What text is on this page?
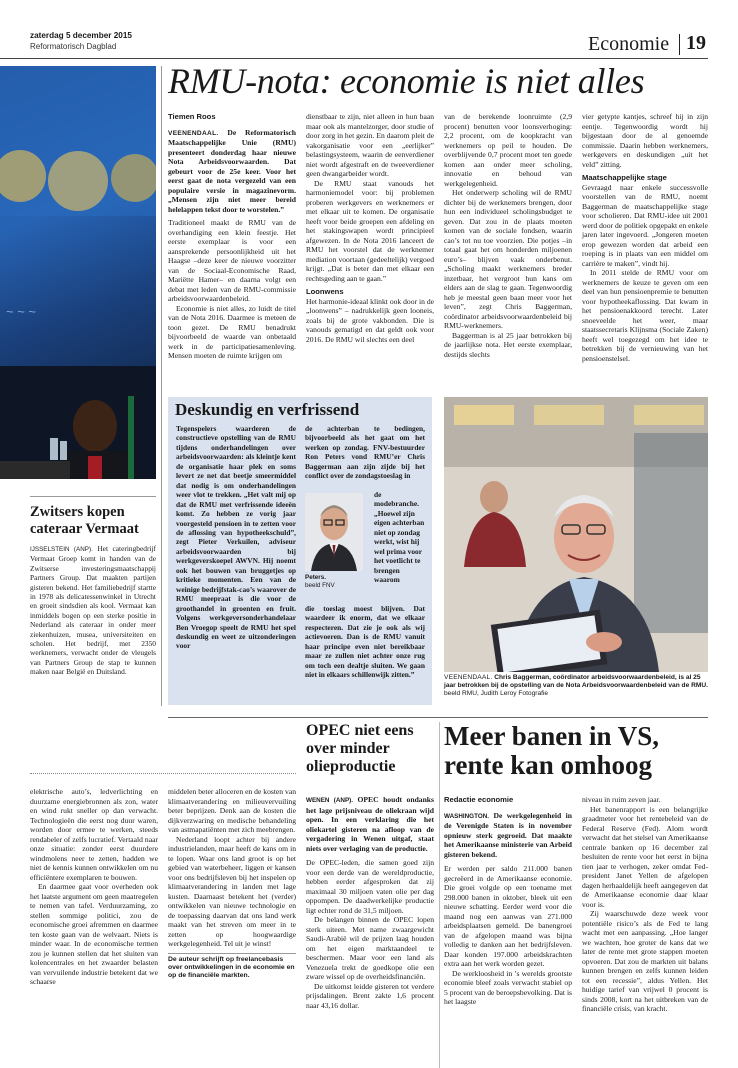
zaterdag 5 december 2015
Reformatorisch Dagblad	Economie 19
~ ~ ~
RMU-nota: economie is niet alles
Tiemen Roos

VEENENDAAL. De Reformatorisch Maatschappelijke Unie (RMU) presenteert donderdag haar nieuwe Nota Arbeidsvoorwaarden. Dat gebeurt voor de 25e keer. Voor het eerst gaat de nota vergezeld van een populaire versie in magazinevorm. „Mensen zijn niet meer bereid helelappen tekst door te worstelen.”

Traditioneel maakt de RMU van de overhandiging een klein feestje. Het eerste exemplaar is voor een aansprekende persoonlijkheid uit het Haagse –deze keer de nieuwe voorzitter van de Sociaal-Economische Raad, Mariëtte Hamer– en daarna volgt een debat met leden van de RMU-commissie arbeidsvoorwaardenbeleid.

Economie is niet alles, zo luidt de titel van de Nota 2016. Daarmee is meteen de toon gezet. De RMU benadrukt bijvoorbeeld de waarde van onbetaald werk in de participatiesamenleving. Mensen moeten de ruimte krijgen om

dienstbaar te zijn, niet alleen in hun baan maar ook als mantelzorger, door studie of door zorg in het gezin. En daarom pleit de vakorganisatie voor een „eerlijker” belastingsysteem, waarin de eenverdiener niet wordt afgestraft en de tweeverdiener geen dwangarbeider wordt.

De RMU staat vanouds het harmoniemodel voor: bij problemen proberen werkgevers en werknemers er met elkaar uit te komen. De organisatie heeft voor beide groepen een afdeling en het stakingswapen wordt principieel afgewezen. In de Nota 2016 lanceert de RMU het voorstel dat de werknemer mediation voortaan (gedeeltelijk) vergoed krijgt. „Dat is beter dan met elkaar een rechtsgeding aan te gaan.”

Loonwens

Het harmonie-ideaal klinkt ook door in de „loonwens” – nadrukkelijk geen looneis, zoals bij de grote vakbonden. Die is vanouds gematigd en dat geldt ook voor 2016. De RMU wil slechts een deel

van de berekende loonruimte (2,9 procent) benutten voor loonsverhoging: 2,2 procent, om de koopkracht van werknemers op peil te houden. De overblijvende 0,7 procent moet ten goede komen aan onder meer scholing, innovatie en behoud van werkgelegenheid.

Het onderwerp scholing wil de RMU dichter bij de werknemers brengen, door hun een individueel scholingsbudget te geven. Dat zou in de plaats moeten komen van de sociale fondsen, waarin cao’s tot nu toe voorzien. Die potjes –in totaal gaat het om honderden miljoenen euro’s– blijven vaak onderbenut. „Scholing maakt werknemers breder inzetbaar, het vergroot hun kans om elders aan de slag te gaan. Tegenwoordig heb je meestal geen baan meer voor het leven”, zegt Chris Baggerman, coördinator arbeidsvoorwaardenbeleid bij RMU-werknemers.

Baggerman is al 25 jaar betrokken bij de jaarlijkse nota. Het eerste exemplaar, destijds slechts

vier getypte kantjes, schreef hij in zijn eentje. Tegenwoordig wordt hij bijgestaan door de al genoemde commissie. Daarin hebben werknemers, werkgevers en deskundigen „uit het veld” zitting.

Maatschappelijke stage

Gevraagd naar enkele successvolle voorstellen van de RMU, noemt Baggerman de maatschappelijke stage voor scholieren. Dat RMU-idee uit 2001 werd door de politiek opgepakt en enkele jaren later ingevoerd. „Jongeren moeten erop gewezen worden dat arbeid een roeping is in plaats van een middel om carrière te maken”, vindt hij.

In 2011 stelde de RMU voor om werknemers de keuze te geven om een deel van hun pensioenpremie te benutten voor hypotheekaflossing. Dat kwam in het pensioenakkoord terecht. Later snoeveelde het weer, maar staatssecretaris Klijnsma (Sociale Zaken) heeft wel toegezegd om het idee te betrekken bij de vernieuwing van het pensioenstelsel.

Deskundig en verfrissend

Tegenspelers waarderen de constructieve opstelling van de RMU tijdens onderhandelingen over arbeidsvoorwaarden: als kleintje kent de organisatie haar plek en soms levert ze net dat beetje smeermiddel dat nodig is om onderhandelingen weer vlot te trekken. „Het valt mij op dat de RMU met verfrissende ideeën komt. Zo hebben ze vorig jaar voorgesteld pensioen in te zetten voor de aflossing van hypotheekschuld”, zegt Pieter Verkuilen, adviseur arbeidsvoorwaarden bij werkgeverskoepel AWVN. Hij noemt ook het bouwen van bruggetjes op kritieke momenten. Een van de weinige bedrijfstak-cao’s waarover de RMU meepraat is die voor de groothandel in groenten en fruit. Volgens werkgeversonderhandelaar Ben Vroegop speelt de RMU het spel deskundig en weet ze uitzonderingen voor

de achterban te bedingen, bijvoorbeeld als het gaat om het werken op zondag. FNV-bestuurder Ron Peters vond RMU’er Chris Baggerman aan zijn zijde bij het conflict over de zondagstoeslag in

Peters.
beeld FNV

de modebranche. „Hoewel zijn eigen achterban niet op zondag werkt, wist hij wel prima voor het voetlicht te brengen waarom

die toeslag moest blijven. Dat waardeer ik enorm, dat we elkaar respecteren. Dat zie je ook als wij actievoeren. Dan is de RMU vanuit haar principe even niet bereikbaar maar ze zullen niet achter onze rug om toch een dealtje sluiten. We gaan niet in elkaars schillenwijk zitten.”	VEENENDAAL. Chris Baggerman, coördinator arbeidsvoorwaardenbeleid, is al 25 jaar betrokken bij de opstelling van de Nota Arbeidsvoorwaardenbeleid van de RMU. beeld RMU, Judith Leroy Fotografie
Zwitsers kopen cateraar Vermaat

IJSSELSTEIN (ANP). Het cateringbedrijf Vermaat Groep komt in handen van de Zwitserse investeringsmaatschappij Partners Group. Dat maakten partijen gisteren bekend. Het familiebedrijf startte in 1978 als delicatessenwinkel in Utrecht en groeit sindsdien als kool. Vermaat kan inmiddels bogen op een sterke positie in Nederland als cateraar in onder meer ziekenhuizen, musea, universiteiten en scholen. Het bedrijf, met 2350 werknemers, verwacht onder de vleugels van Partners Group de stap te kunnen maken naar België en Duitsland.

elektrische auto’s, ledverlichting en duurzame energiebronnen als zon, water en wind rukt sneller op dan verwacht. Technologieën die eerst nog duur waren, worden door ermee te werken, steeds rendabeler of zelfs lucratief. Vertaald naar onze situatie: zonder eerst duurdere windmolens neer te zetten, hadden we niet de kennis kunnen ontwikkelen om nu efficiëntere exemplaren te bouwen.

En daarmee gaat voor overheden ook het laatste argument om geen maatregelen te nemen van tafel. Verduurzaming, zo stellen sommige politici, zou de economische groei afremmen en daarmee ten koste gaan van de welvaart. Niets is minder waar. In de economische termen zou je kunnen stellen dat het sluiten van kolencentrales en het zwaarder belasten van vervuilende industrie betekent dat we schaarse

middelen beter alloceren en de kosten van klimaatverandering en milieuvervuiling beter beprijzen. Denk aan de kosten die dijkverzwaring en medische behandeling van astmapatiënten met zich meebrengen.

Nederland loopt achter bij andere industrielanden, maar heeft de kans om in te lopen. Waar ons land groot is op het gebied van waterbeheer, liggen er kansen voor ons bedrijfsleven bij het inspelen op klimaatverandering in landen met lage kusten. Daarnaast betekent het (verder) ontwikkelen van nieuwe technologie en de toepassing daarvan dat ons land werk maakt van het streven om meer in te zetten op hoogwaardige werkgelegenheid. Tel uit je winst!

De auteur schrijft op freelancebasis over ontwikkelingen in de economie en op de financiële markten.
OPEC niet eens over minder olieproductie

WENEN (ANP). OPEC houdt ondanks het lage prijsniveau de oliekraan wijd open. In een verklaring die het oliekartel gisteren na afloop van de vergadering in Wenen uitgaf, staat niets over verlaging van de productie.

De OPEC-leden, die samen goed zijn voor een derde van de wereldproductie, hebben eerder afgesproken dat zij maximaal 30 miljoen vaten olie per dag oppompen. De daadwerkelijke productie ligt echter rond de 31,5 miljoen.

De belangen binnen de OPEC lopen sterk uiteen. Met name zwaargewicht Saudi-Arabië wil de prijzen laag houden om het eigen marktaandeel te beschermen. Maar voor een land als Venezuela trekt de goedkope olie een zware wissel op de overheidsfinanciën.

De uitkomst leidde gisteren tot verdere prijsdalingen. Brent zakte 1,6 procent naar 43,16 dollar.

Meer banen in VS, rente kan omhoog
Redactie economie

WASHINGTON. De werkgelegenheid in de Verenigde Staten is in november opnieuw sterk gegroeid. Dat maakte het Amerikaanse ministerie van Arbeid gisteren bekend.

Er werden per saldo 211.000 banen gecreëerd in de Amerikaanse economie. Die groei volgde op een toename met 298.000 banen in oktober, bleek uit een nieuwe schatting. Eerder werd voor die maand nog een aanwas van 271.000 arbeidsplaatsen gemeld. De banengroei van de afgelopen maand was bijna volledig te danken aan het bedrijfsleven. Daar konden 197.000 arbeidskrachten extra aan het werk worden gezet.

De werkloosheid in ’s werelds grootste economie bleef zoals verwacht stabiel op 5 procent van de beroepsbevolking. Dat is het laagste

niveau in ruim zeven jaar.

Het banenrapport is een belangrijke graadmeter voor het rentebeleid van de Federal Reserve (Fed). Alom wordt verwacht dat het stelsel van Amerikaanse centrale banken op 16 december zal besluiten de rente voor het eerst in bijna tien jaar te verhogen, zeker omdat Fed-president Janet Yellen de afgelopen dagen herhaaldelijk heeft aangegeven dat de Amerikaanse economie daar klaar voor is.

Zij waarschuwde deze week voor potentiële risico’s als de Fed te lang wacht met een aanpassing. „Hoe langer we wachten, hoe groter de kans dat we later de rente met grote stappen moeten opvoeren. Dat zou de markten uit balans kunnen brengen en zelfs kunnen leiden tot een recessie”, aldus Yellen. Het huidige tarief van vrijwel 0 procent is sinds 2008, kort na het uitbreken van de financiële crisis, van kracht.
